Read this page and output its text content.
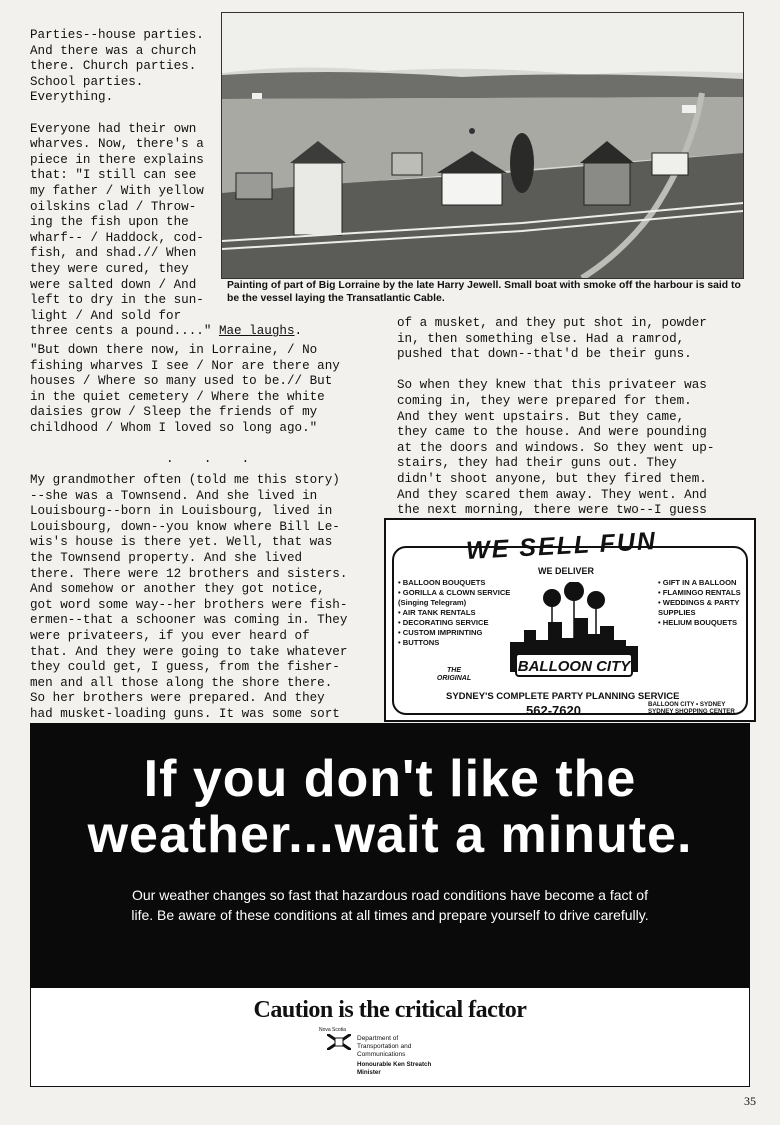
Parties--house parties.
And there was a church
there. Church parties.
School parties.
Everything.

Everyone had their own
wharves. Now, there's a
piece in there explains
that: "I still can see
my father / With yellow
oilskins clad / Throw-
ing the fish upon the
wharf-- / Haddock, cod-
fish, and shad.// When
they were cured, they
were salted down / And
left to dry in the sun-
light / And sold for
three cents a pound...." Mae laughs.
"But down there now, in Lorraine, / No
fishing wharves I see / Nor are there any
houses / Where so many used to be.// But
in the quiet cemetery / Where the white
daisies grow / Sleep the friends of my
childhood / Whom I loved so long ago."

.    .    .
My grandmother often (told me this story)
--she was a Townsend. And she lived in
Louisbourg--born in Louisbourg, lived in
Louisbourg, down--you know where Bill Le-
wis's house is there yet. Well, that was
the Townsend property. And she lived
there. There were 12 brothers and sisters.
And somehow or another they got notice,
got word some way--her brothers were fish-
ermen--that a schooner was coming in. They
were privateers, if you ever heard of
that. And they were going to take whatever
they could get, I guess, from the fisher-
men and all those along the shore there.
So her brothers were prepared. And they
had musket-loading guns. It was some sort
of a musket, and they put shot in, powder
in, then something else. Had a ramrod,
pushed that down--that'd be their guns.

So when they knew that this privateer was
coming in, they were prepared for them.
And they went upstairs. But they came,
they came to the house. And were pounding
at the doors and windows. So they went up-
stairs, they had their guns out. They
didn't shoot anyone, but they fired them.
And they scared them away. They went. And
the next morning, there were two--I guess
Painting of part of Big Lorraine by the late Harry Jewell. Small boat with smoke off the harbour is said to be the vessel laying the Transatlantic Cable.
WE SELL FUN
WE DELIVER
• BALLOON BOUQUETS
• GORILLA & CLOWN SERVICE (Singing Telegram)
• AIR TANK RENTALS
• DECORATING SERVICE
• CUSTOM IMPRINTING
• BUTTONS
• GIFT IN A BALLOON
• FLAMINGO RENTALS
• WEDDINGS & PARTY SUPPLIES
• HELIUM BOUQUETS
BALLOON CITY
THE ORIGINAL
SYDNEY'S COMPLETE PARTY PLANNING SERVICE
562-7620	BALLOON CITY • SYDNEY
SYDNEY SHOPPING CENTER
If you don't like the
weather...wait a minute.
Our weather changes so fast that hazardous road conditions have become a fact of life. Be aware of these conditions at all times and prepare yourself to drive carefully.
Caution is the critical factor
Nova Scotia
Department of
Transportation and
Communications
Honourable Ken Streatch
Minister
35
